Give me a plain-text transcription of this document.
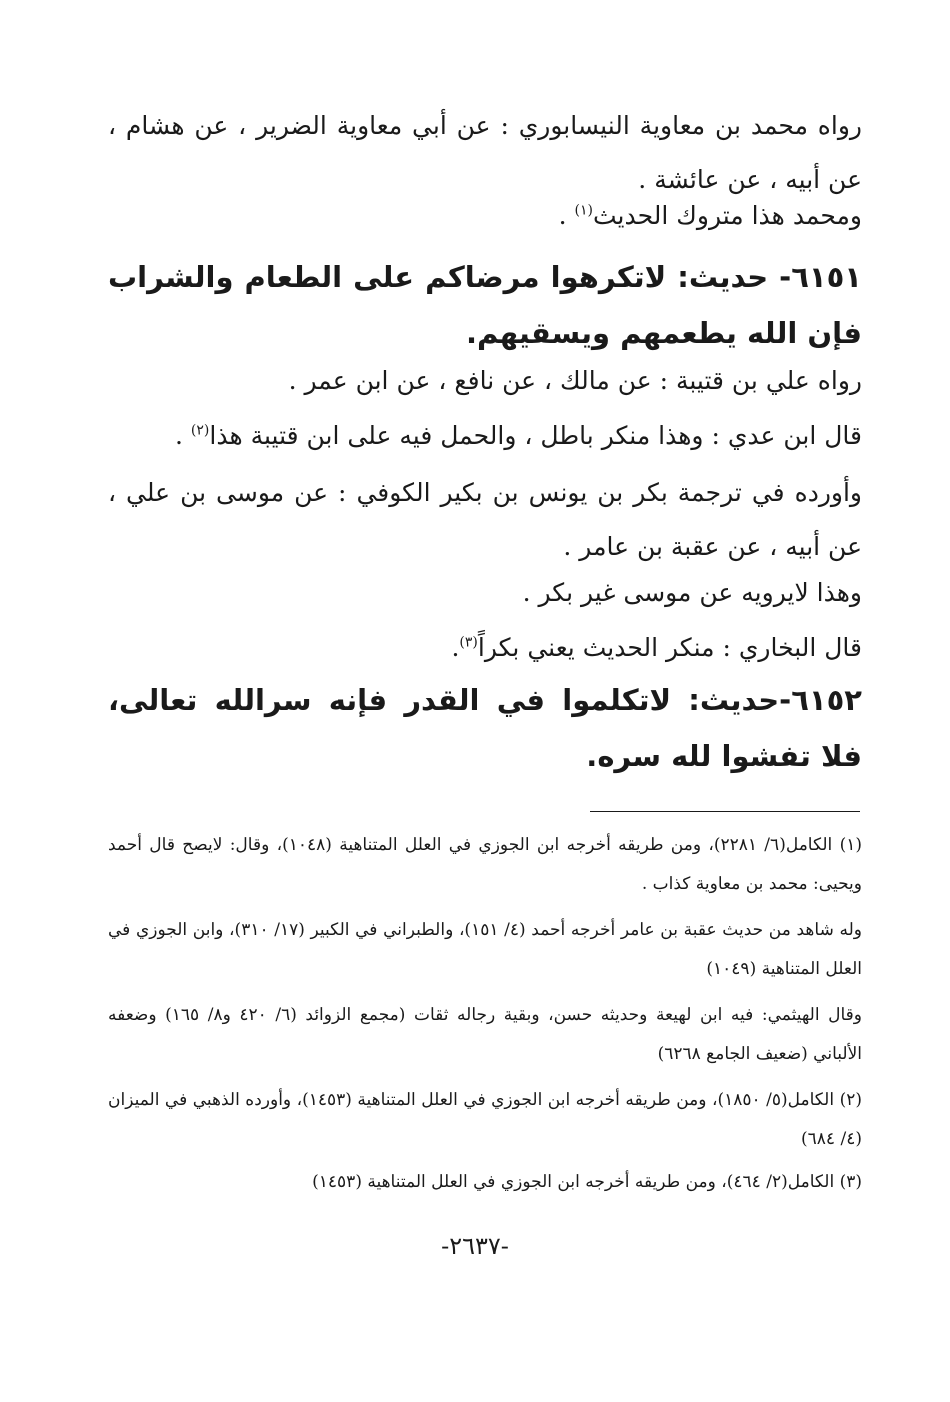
رواه محمد بن معاوية النيسابوري : عن أبي معاوية الضرير ، عن هشام ، عن أبيه ، عن عائشة .
ومحمد هذا متروك الحديث$^{(١)}$ .
٦١٥١- حديث: لاتكرهوا مرضاكم على الطعام والشراب فإن الله يطعمهم ويسقيهم.
رواه علي بن قتيبة : عن مالك ، عن نافع ، عن ابن عمر .
قال ابن عدي : وهذا منكر باطل ، والحمل فيه على ابن قتيبة هذا$^{(٢)}$ .
وأورده في ترجمة بكر بن يونس بن بكير الكوفي : عن موسى بن علي ، عن أبيه ، عن عقبة بن عامر .
وهذا لايرويه عن موسى غير بكر .
قال البخاري : منكر الحديث يعني بكراً$^{(٣)}$.
٦١٥٢-حديث: لاتكلموا في القدر فإنه سرالله تعالى، فلا تفشوا لله سره.
(١) الكامل(٦/ ٢٢٨١)، ومن طريقه أخرجه ابن الجوزي في العلل المتناهية (١٠٤٨)، وقال: لايصح قال أحمد ويحيى: محمد بن معاوية كذاب .
وله شاهد من حديث عقبة بن عامر أخرجه أحمد (٤/ ١٥١)، والطبراني في الكبير (١٧/ ٣١٠)، وابن الجوزي في العلل المتناهية (١٠٤٩)
وقال الهيثمي: فيه ابن لهيعة وحديثه حسن، وبقية رجاله ثقات (مجمع الزوائد (٦/ ٤٢٠ و٨/ ١٦٥) وضعفه الألباني (ضعيف الجامع ٦٢٦٨)
(٢) الكامل(٥/ ١٨٥٠)، ومن طريقه أخرجه ابن الجوزي في العلل المتناهية (١٤٥٣)، وأورده الذهبي في الميزان (٤/ ٦٨٤)
(٣) الكامل(٢/ ٤٦٤)، ومن طريقه أخرجه ابن الجوزي في العلل المتناهية (١٤٥٣)
-٢٦٣٧-
